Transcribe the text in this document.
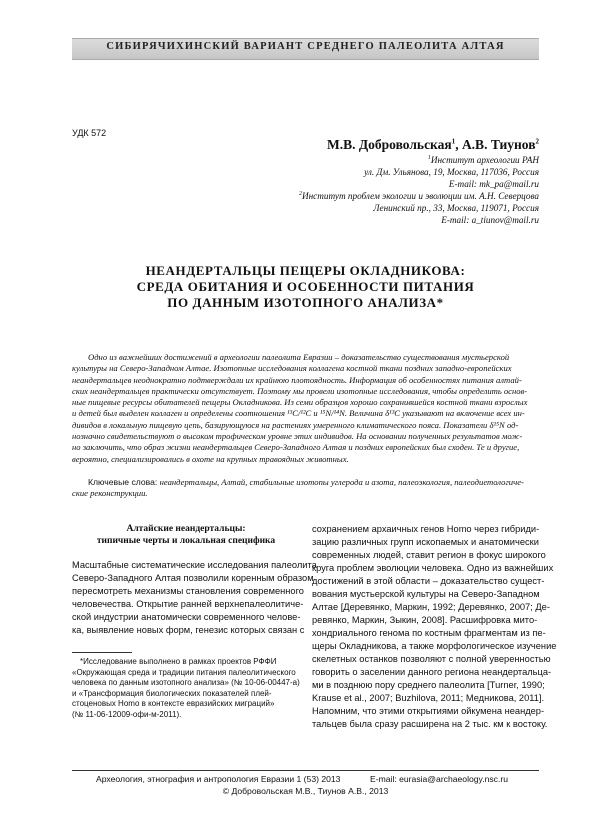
СИБИРЯЧИХИНСКИЙ ВАРИАНТ СРЕДНЕГО ПАЛЕОЛИТА АЛТАЯ
УДК 572
М.В. Добровольская$^1$, А.В. Тиунов$^2$
$^1$Институт археологии РАН
ул. Дм. Ульянова, 19, Москва, 117036, Россия
E-mail: mk_pa@mail.ru
$^2$Институт проблем экологии и эволюции им. А.Н. Северцова
Ленинский пр., 33, Москва, 119071, Россия
E-mail: a_tiunov@mail.ru
НЕАНДЕРТАЛЬЦЫ ПЕЩЕРЫ ОКЛАДНИКОВА:
СРЕДА ОБИТАНИЯ И ОСОБЕННОСТИ ПИТАНИЯ
ПО ДАННЫМ ИЗОТОПНОГО АНАЛИЗА*
Одно из важнейших достижений в археологии палеолита Евразии – доказательство существования мустьерской
культуры на Северо-Западном Алтае. Изотопные исследования коллагена костной ткани поздних западно-европейских
неандертальцев неоднократно подтверждали их крайнюю плотоядность. Информация об особенностях питания алтай-
ских неандертальцев практически отсутствует. Поэтому мы провели изотопные исследования, чтобы определить основ-
ные пищевые ресурсы обитателей пещеры Окладникова. Из семи образцов хорошо сохранившейся костной ткани взрослых
и детей был выделен коллаген и определены соотношения ¹³C/¹²C и ¹⁵N/¹⁴N. Величина δ¹³C указывают на включение всех ин-
дивидов в локальную пищевую цепь, базирующуюся на растениях умеренного климатического пояса. Показатели δ¹⁵N од-
нозначно свидетельствуют о высоком трофическом уровне этих индивидов. На основании полученных результатов мож-
но заключить, что образ жизни неандертальцев Северо-Западного Алтая и поздних европейских был сходен. Те и другие,
вероятно, специализировались в охоте на крупных травоядных животных.
Ключевые слова: неандертальцы, Алтай, стабильные изотопы углерода и азота, палеоэкология, палеодиетологиче-
ские реконструкции.
Алтайские неандертальцы:
типичные черты и локальная специфика
Масштабные систематические исследования палеолита
Северо-Западного Алтая позволили коренным образом
пересмотреть механизмы становления современного
человечества. Открытие ранней верхнепалеолитиче-
ской индустрии анатомически современного челове-
ка, выявление новых форм, генезис которых связан с
*Исследование выполнено в рамках проектов РФФИ
«Окружающая среда и традиции питания палеолитического
человека по данным изотопного анализа» (№ 10-06-00447-а)
и «Трансформация биологических показателей плей-
стоценовых Homo в контексте евразийских миграций»
(№ 11-06-12009-офи-м-2011).
сохранением архаичных генов Homo через гибриди-
зацию различных групп ископаемых и анатомически
современных людей, ставит регион в фокус широкого
круга проблем эволюции человека. Одно из важнейших
достижений в этой области – доказательство сущест-
вования мустьерской культуры на Северо-Западном
Алтае [Деревянко, Маркин, 1992; Деревянко, 2007; Де-
ревянко, Маркин, Зыкин, 2008]. Расшифровка мито-
хондриального генома по костным фрагментам из пе-
щеры Окладникова, а также морфологическое изучение
скелетных останков позволяют с полной уверенностью
говорить о заселении данного региона неандертальца-
ми в позднюю пору среднего палеолита [Turner, 1990;
Krause et al., 2007; Buzhilova, 2011; Медникова, 2011].
Напомним, что этими открытиями ойкумена неандер-
тальцев была сразу расширена на 2 тыс. км к востоку.
Археология, этнография и антропология Евразии 1 (53) 2013	E-mail: eurasia@archaeology.nsc.ru
© Добровольская М.В., Тиунов А.В., 2013
